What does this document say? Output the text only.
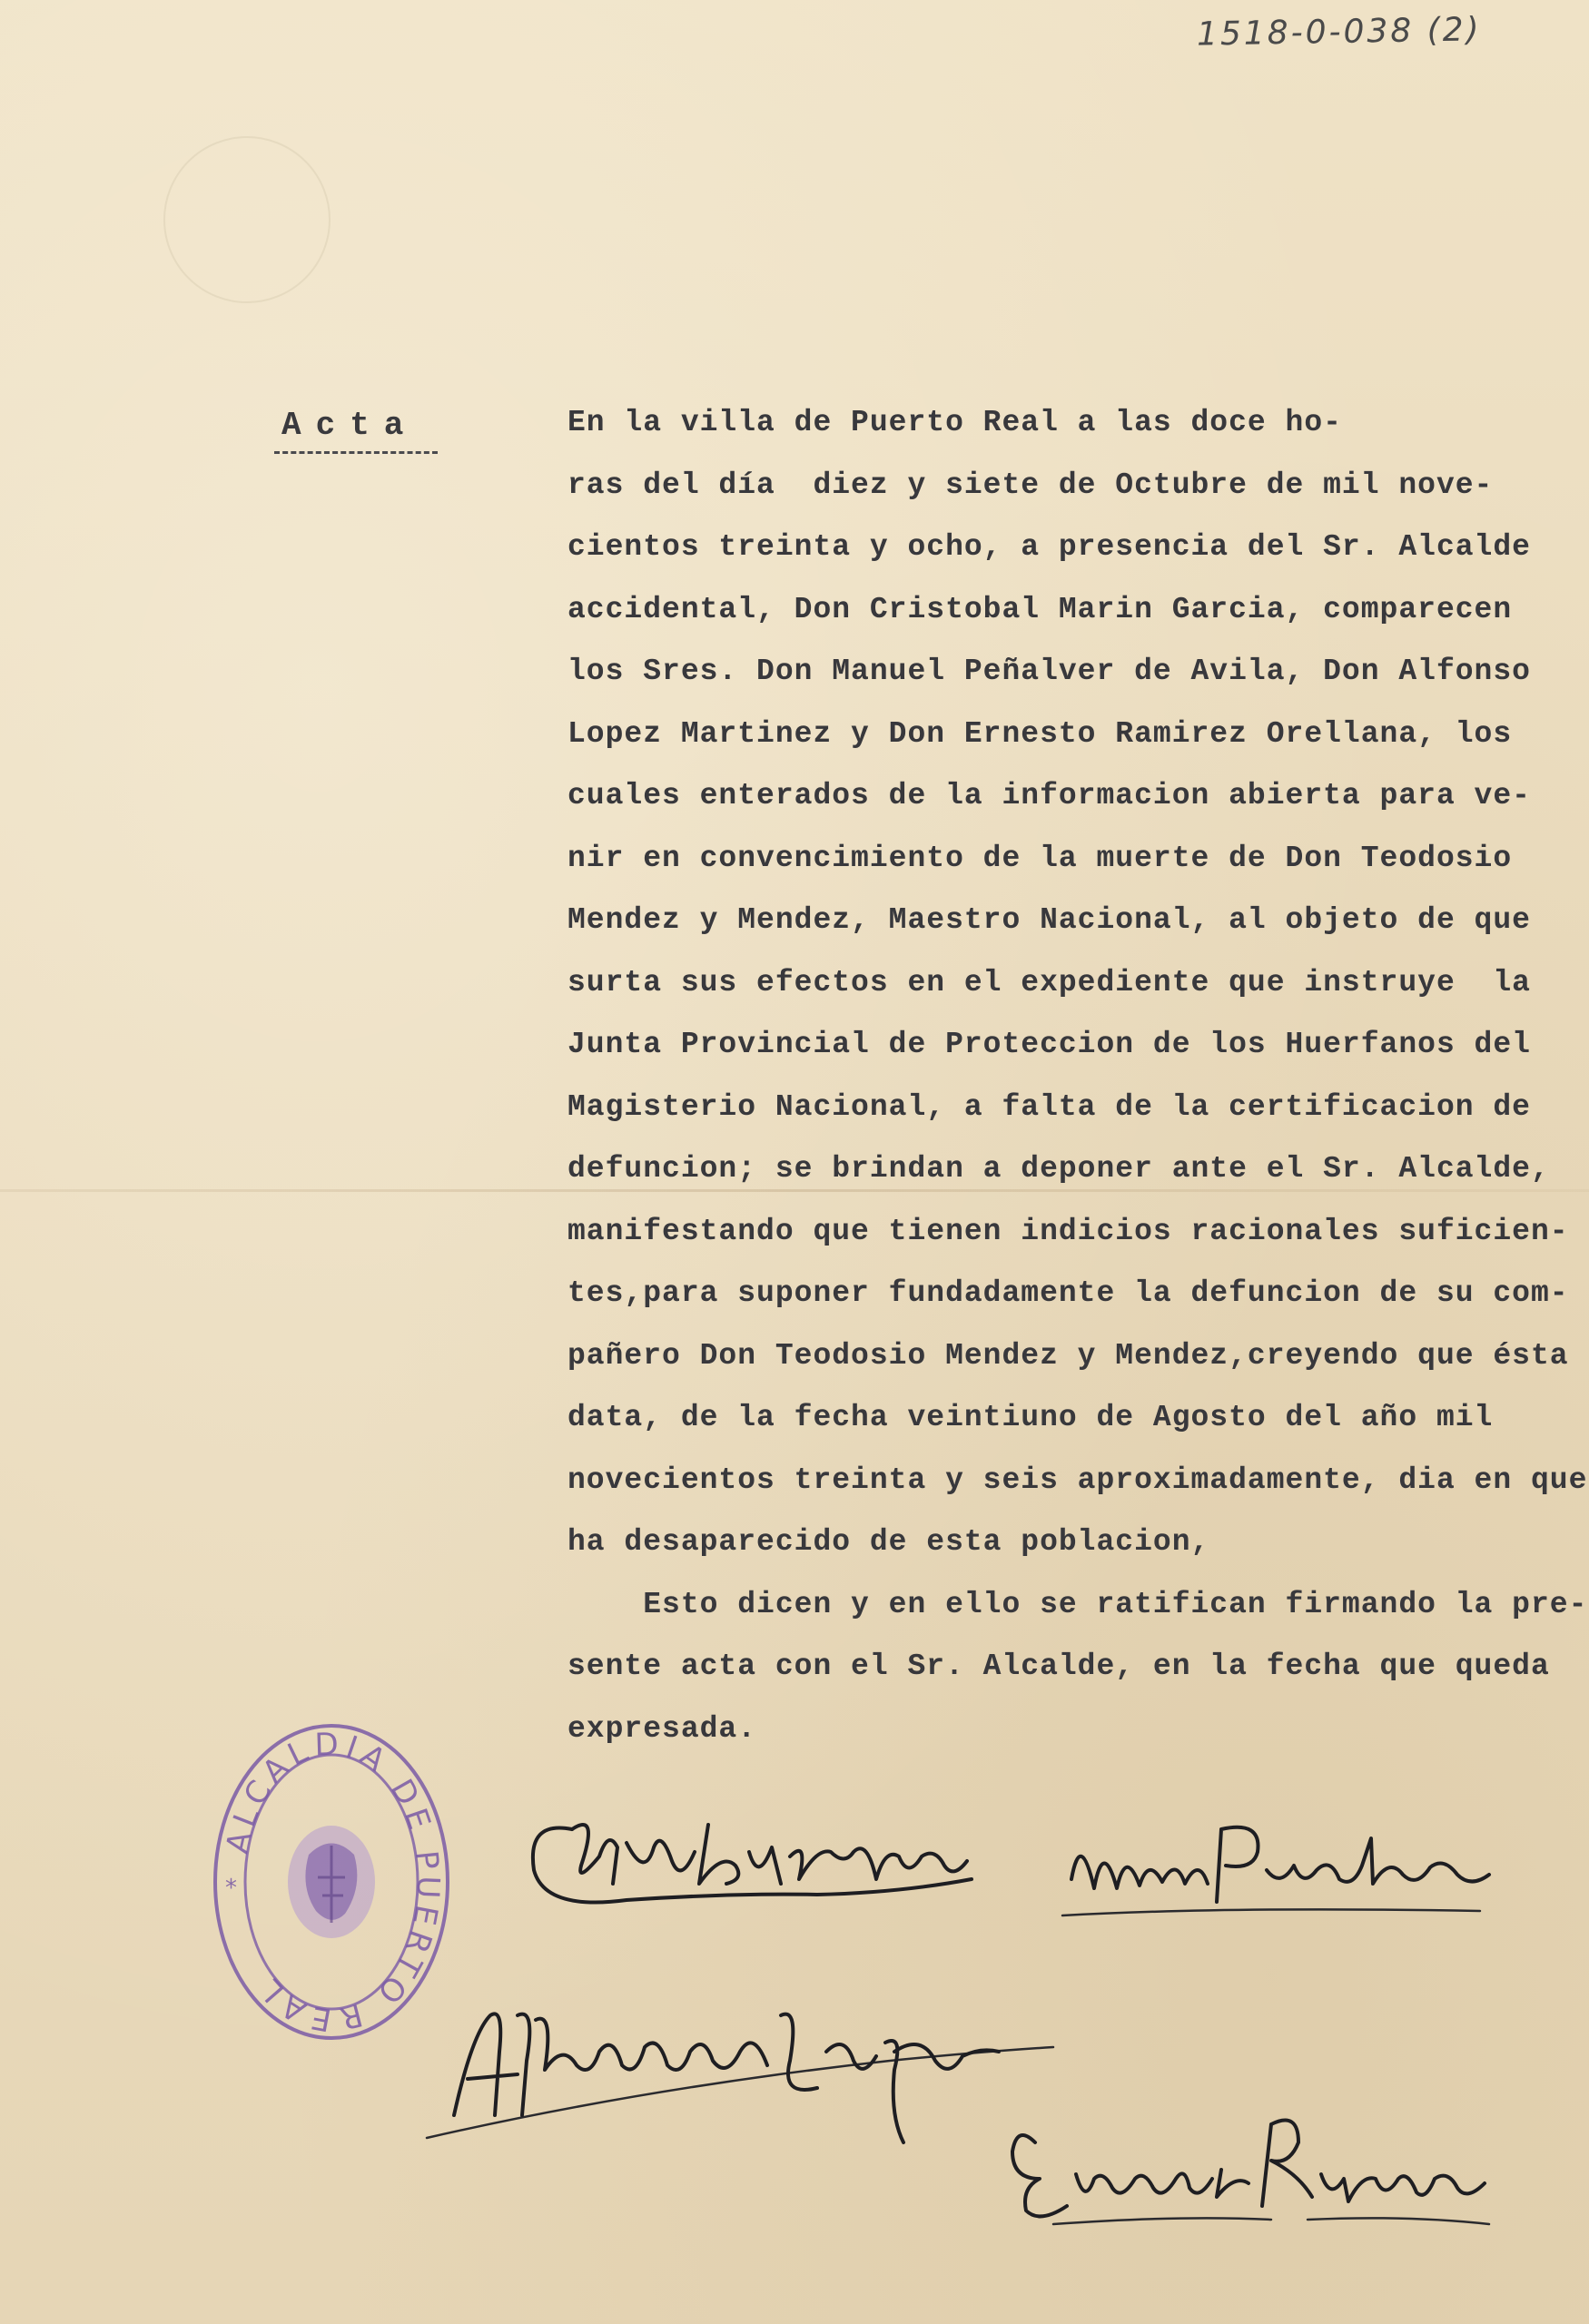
1518-0-038 (2)
Acta	En la villa de Puerto Real a las doce ho-
ras del día  diez y siete de Octubre de mil nove-
cientos treinta y ocho, a presencia del Sr. Alcalde
accidental, Don Cristobal Marin Garcia, comparecen
los Sres. Don Manuel Peñalver de Avila, Don Alfonso
Lopez Martinez y Don Ernesto Ramirez Orellana, los
cuales enterados de la informacion abierta para ve-
nir en convencimiento de la muerte de Don Teodosio
Mendez y Mendez, Maestro Nacional, al objeto de que
surta sus efectos en el expediente que instruye  la
Junta Provincial de Proteccion de los Huerfanos del
Magisterio Nacional, a falta de la certificacion de
defuncion; se brindan a deponer ante el Sr. Alcalde,
manifestando que tienen indicios racionales suficien-
tes,para suponer fundadamente la defuncion de su com-
pañero Don Teodosio Mendez y Mendez,creyendo que ésta
data, de la fecha veintiuno de Agosto del año mil
novecientos treinta y seis aproximadamente, dia en que
ha desaparecido de esta poblacion,
Esto dicen y en ello se ratifican firmando la pre-
sente acta con el Sr. Alcalde, en la fecha que queda
expresada.
ALCALDIA DE PUERTO REAL
*
